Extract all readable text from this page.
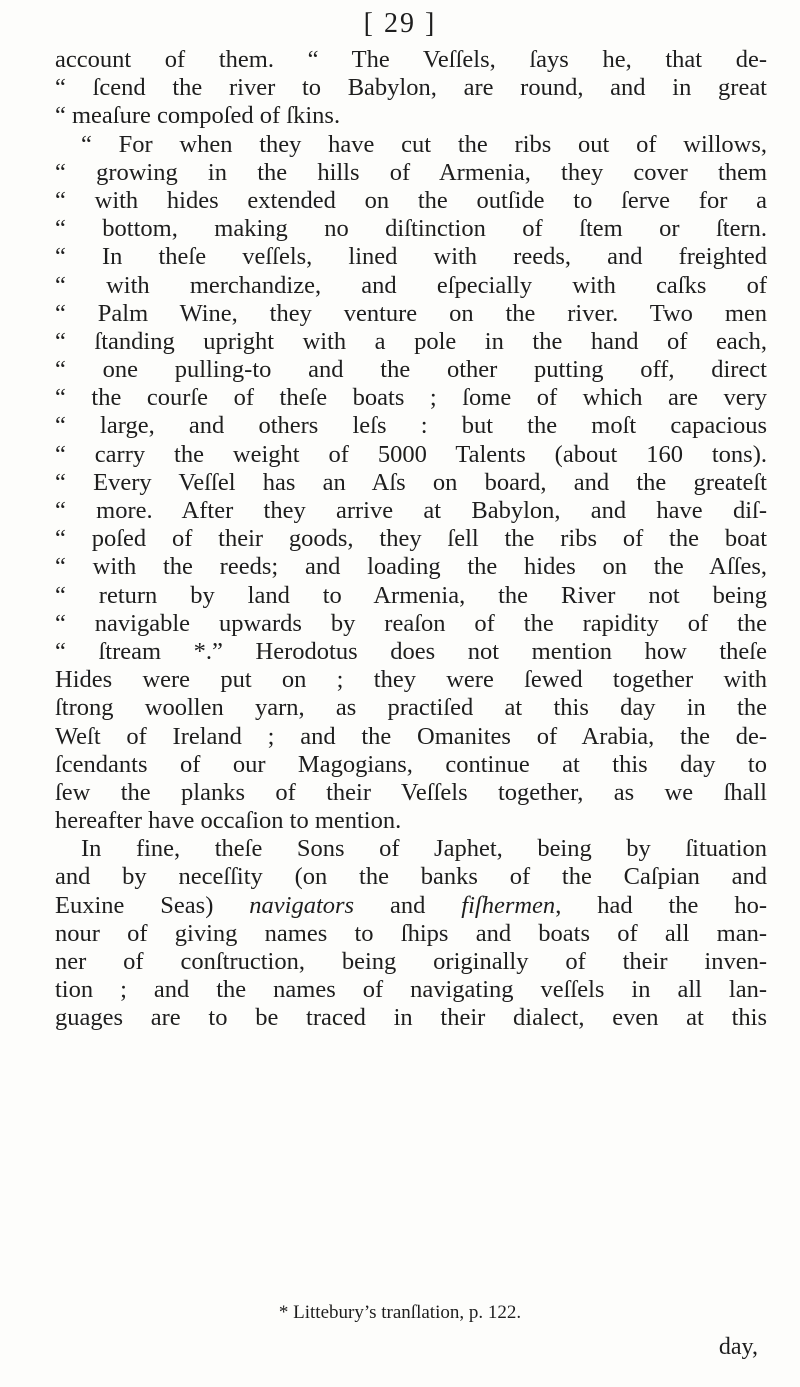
[ 29 ]
account of them. “ The Veſſels, ſays he, that de-
“ ſcend the river to Babylon, are round, and in great
“ meaſure compoſed of ſkins.
“ For when they have cut the ribs out of willows,
“ growing in the hills of Armenia, they cover them
“ with hides extended on the outſide to ſerve for a
“ bottom, making no diſtinction of ſtem or ſtern.
“ In theſe veſſels, lined with reeds, and freighted
“ with merchandize, and eſpecially with caſks of
“ Palm Wine, they venture on the river. Two men
“ ſtanding upright with a pole in the hand of each,
“ one pulling-to and the other putting off, direct
“ the courſe of theſe boats ; ſome of which are very
“ large, and others leſs : but the moſt capacious
“ carry the weight of 5000 Talents (about 160 tons).
“ Every Veſſel has an Aſs on board, and the greateſt
“ more. After they arrive at Babylon, and have diſ-
“ poſed of their goods, they ſell the ribs of the boat
“ with the reeds; and loading the hides on the Aſſes,
“ return by land to Armenia, the River not being
“ navigable upwards by reaſon of the rapidity of the
“ ſtream *.” Herodotus does not mention how theſe
Hides were put on ; they were ſewed together with
ſtrong woollen yarn, as practiſed at this day in the
Weſt of Ireland ; and the Omanites of Arabia, the de-
ſcendants of our Magogians, continue at this day to
ſew the planks of their Veſſels together, as we ſhall
hereafter have occaſion to mention.
In fine, theſe Sons of Japhet, being by ſituation
and by neceſſity (on the banks of the Caſpian and
Euxine Seas) navigators and fiſhermen, had the ho-
nour of giving names to ſhips and boats of all man-
ner of conſtruction, being originally of their inven-
tion ; and the names of navigating veſſels in all lan-
guages are to be traced in their dialect, even at this
* Littebury’s tranſlation, p. 122.
day,
